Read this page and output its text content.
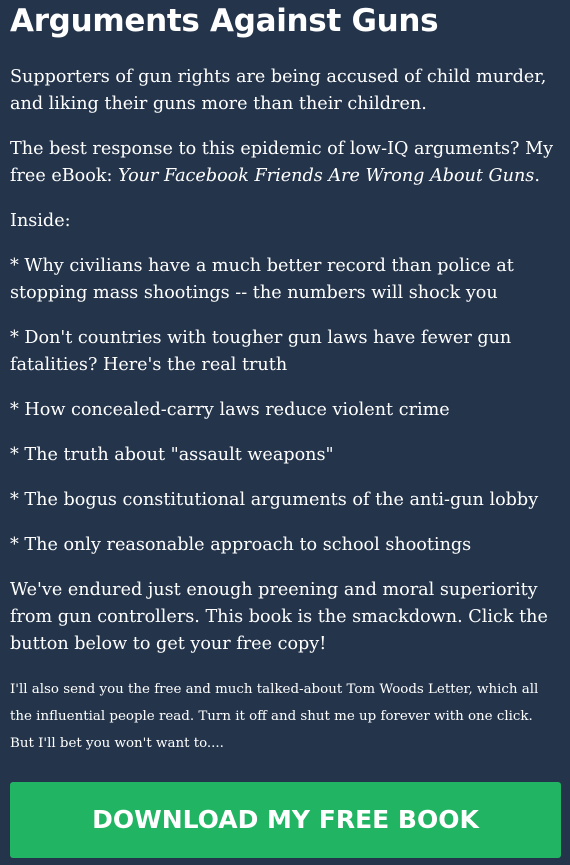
Arguments Against Guns

Supporters of gun rights are being accused of child murder, and liking their guns more than their children.

The best response to this epidemic of low-IQ arguments? My free eBook: Your Facebook Friends Are Wrong About Guns.

Inside:

* Why civilians have a much better record than police at stopping mass shootings -- the numbers will shock you

* Don't countries with tougher gun laws have fewer gun fatalities? Here's the real truth

* How concealed-carry laws reduce violent crime

* The truth about "assault weapons"

* The bogus constitutional arguments of the anti-gun lobby

* The only reasonable approach to school shootings

We've endured just enough preening and moral superiority from gun controllers. This book is the smackdown. Click the button below to get your free copy!

I'll also send you the free and much talked-about Tom Woods Letter, which all the influential people read. Turn it off and shut me up forever with one click. But I'll bet you won't want to....

DOWNLOAD MY FREE BOOK
